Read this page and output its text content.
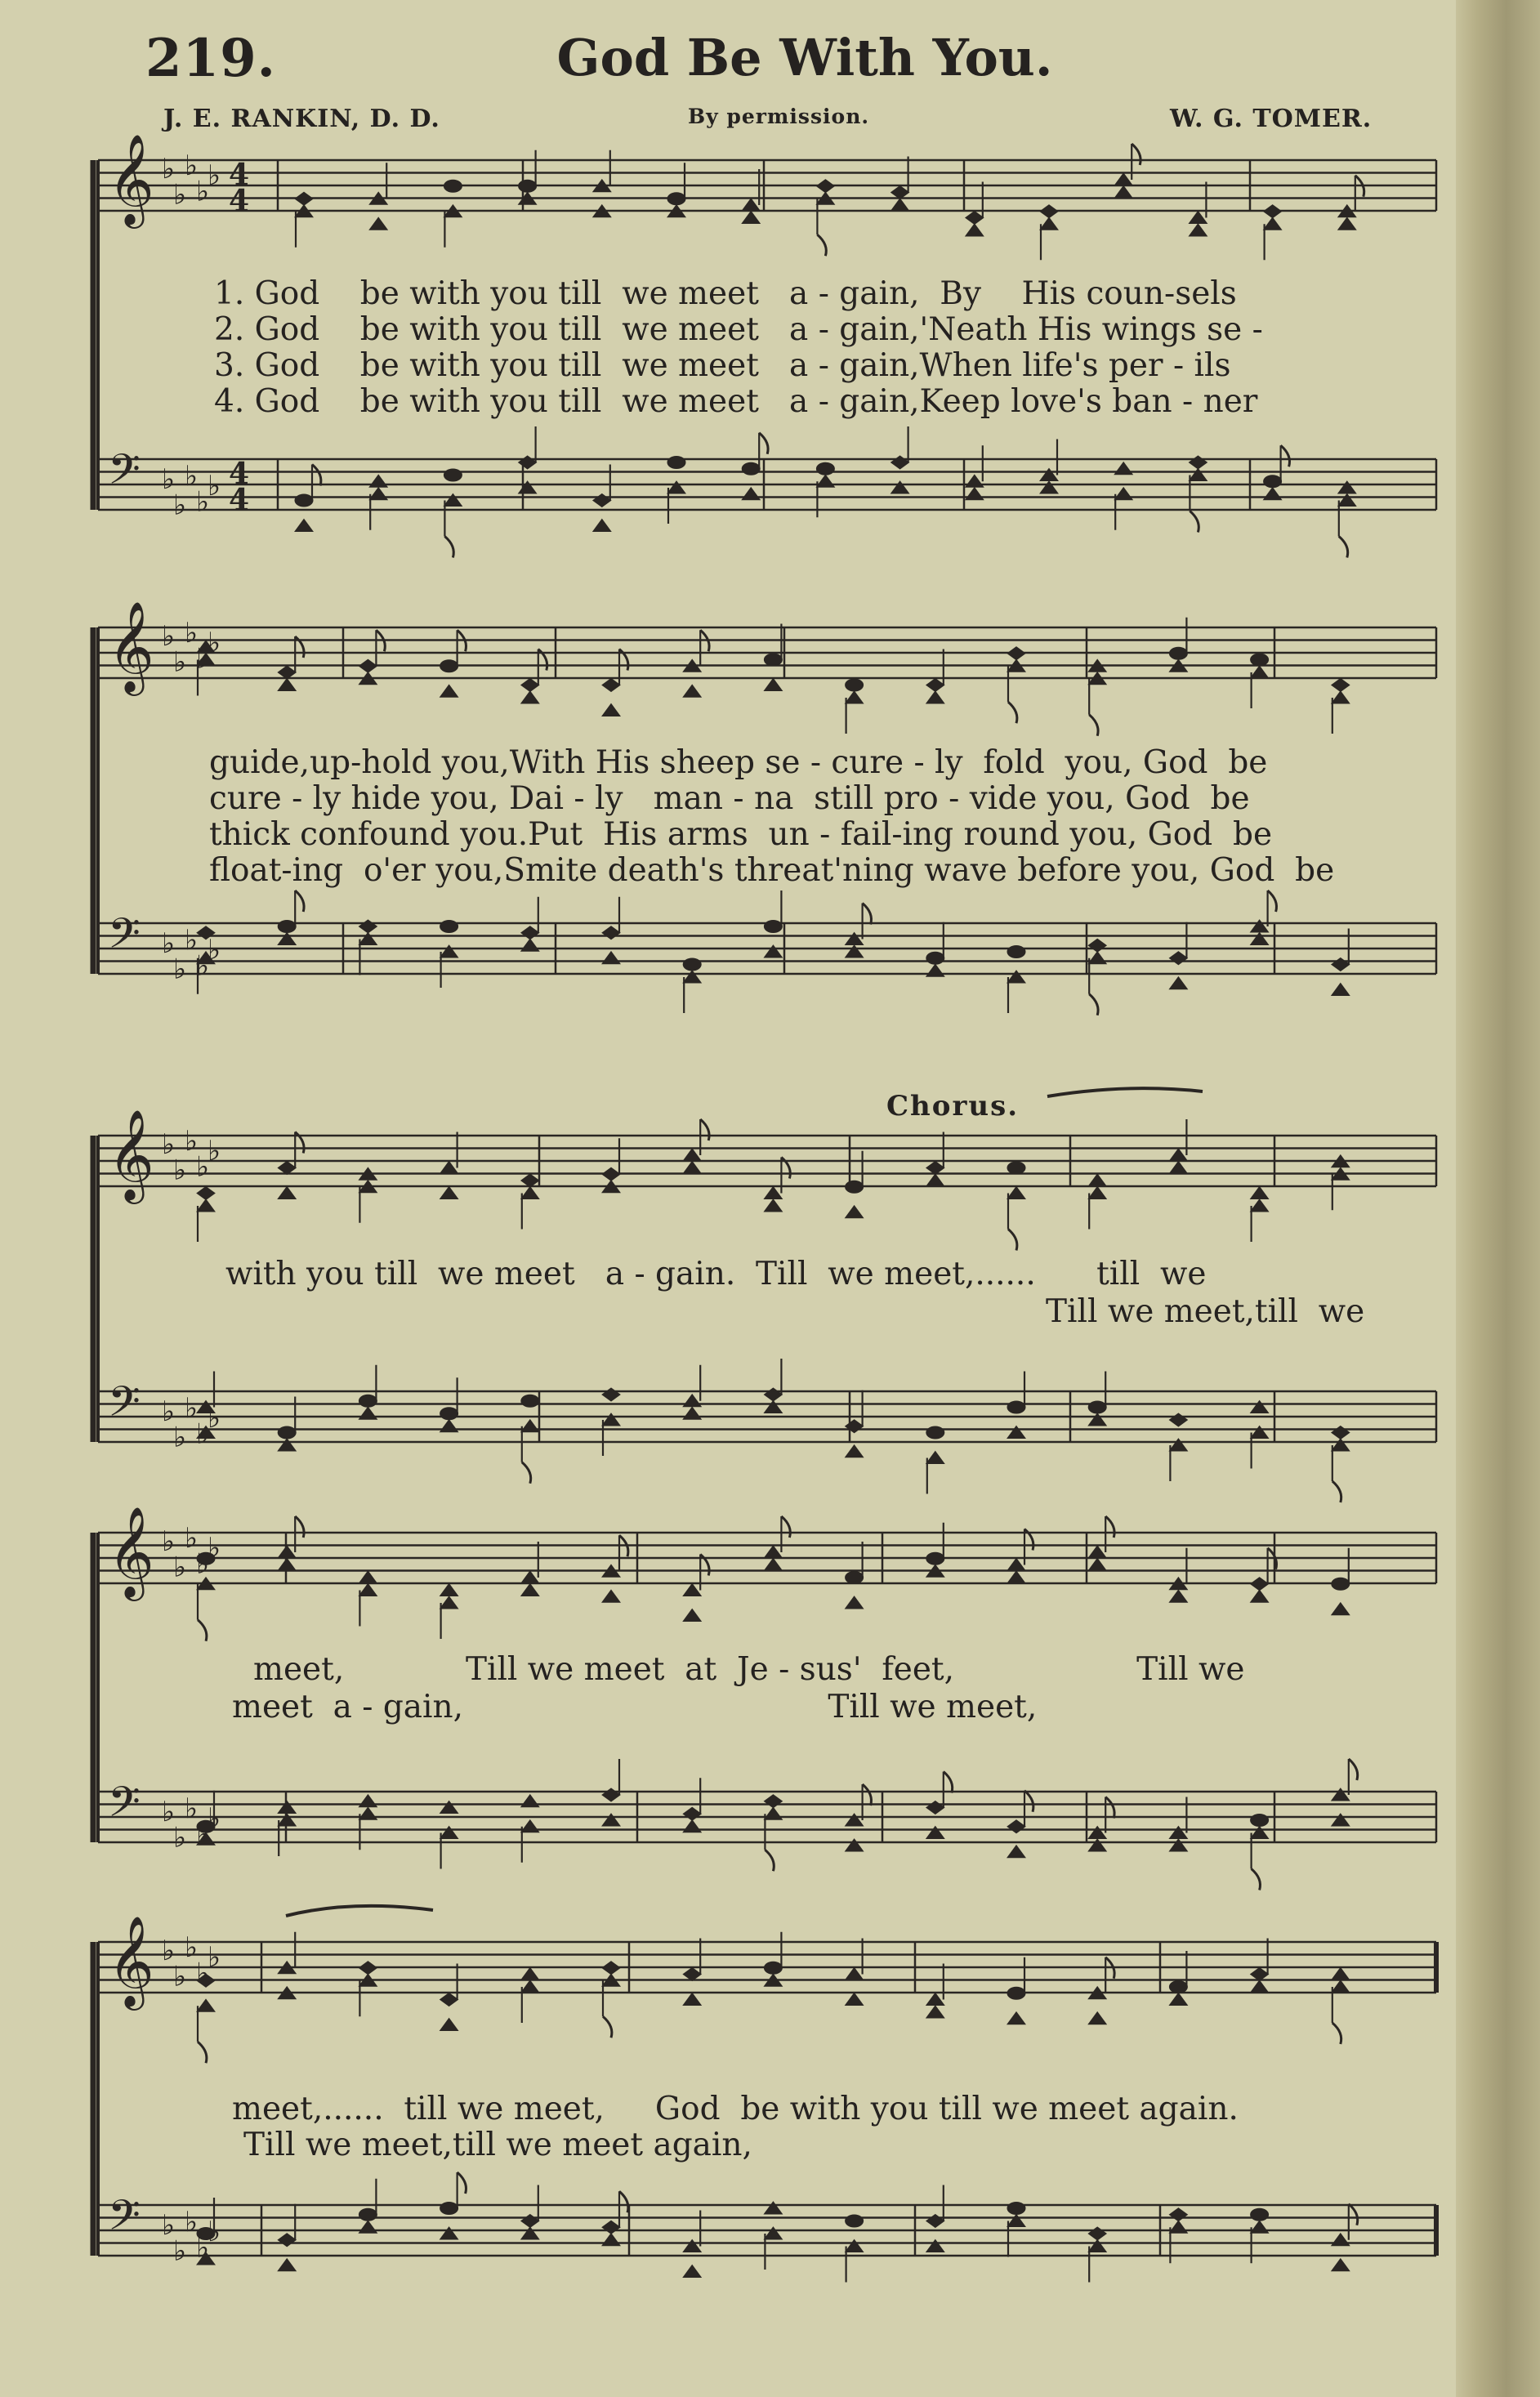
219.	God Be With You.
J. E. RANKIN, D. D.	By permission.	W. G. TOMER.
𝄞 ♭
♭
♭
♭
♭ 4
4
𝄢 ♭
♭
♭
♭
♭ 4
4
𝄞 ♭
♭
♭
♭
♭
𝄢 ♭
♭
♭
♭
♭
𝄞 ♭
♭
♭
♭
♭
𝄢 ♭
♭
♭
♭
♭
𝄞 ♭
♭
♭
♭
♭
𝄢 ♭
♭
♭
♭
♭
𝄞 ♭
♭
♭
♭
♭
𝄢 ♭
♭
♭
♭
♭
1. God    be with you till  we meet   a - gain,  By    His coun-sels
2. God    be with you till  we meet   a - gain,'Neath His wings se -
3. God    be with you till  we meet   a - gain,When life's per - ils
4. God    be with you till  we meet   a - gain,Keep love's ban - ner
guide,up-hold you,With His sheep se - cure - ly  fold  you, God  be
cure - ly hide you, Dai - ly   man - na  still pro - vide you, God  be
thick confound you.Put  His arms  un - fail-ing round you, God  be
float-ing  o'er you,Smite death's threat'ning wave before you, God  be
Chorus.
with you till  we meet   a - gain.  Till  we meet,......      till  we
Till we meet,till  we
meet,            Till we meet  at  Je - sus'  feet,                  Till we
meet  a - gain,                                    Till we meet,
meet,......  till we meet,     God  be with you till we meet again.
Till we meet,till we meet again,
